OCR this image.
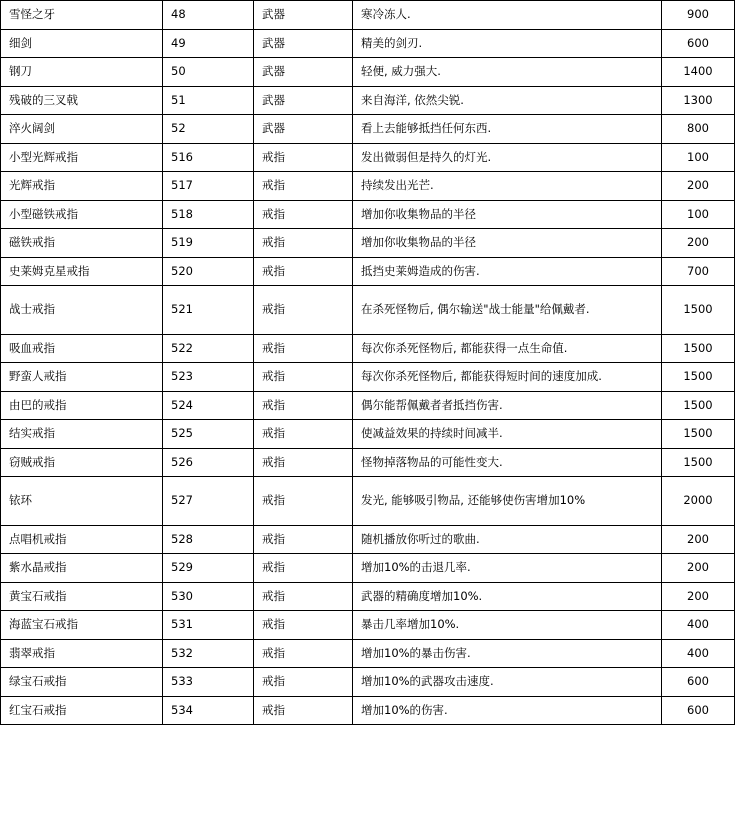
雪怪之牙	48	武器	寒冷冻人.	900
细剑	49	武器	精美的剑刃.	600
钢刀	50	武器	轻便, 威力强大.	1400
残破的三叉戟	51	武器	来自海洋, 依然尖锐.	1300
淬火阔剑	52	武器	看上去能够抵挡任何东西.	800
小型光辉戒指	516	戒指	发出微弱但是持久的灯光.	100
光辉戒指	517	戒指	持续发出光芒.	200
小型磁铁戒指	518	戒指	增加你收集物品的半径	100
磁铁戒指	519	戒指	增加你收集物品的半径	200
史莱姆克星戒指	520	戒指	抵挡史莱姆造成的伤害.	700
战士戒指	521	戒指	在杀死怪物后, 偶尔输送"战士能量"给佩戴者.	1500
吸血戒指	522	戒指	每次你杀死怪物后, 都能获得一点生命值.	1500
野蛮人戒指	523	戒指	每次你杀死怪物后, 都能获得短时间的速度加成.	1500
由巴的戒指	524	戒指	偶尔能帮佩戴者者抵挡伤害.	1500
结实戒指	525	戒指	使减益效果的持续时间减半.	1500
窃贼戒指	526	戒指	怪物掉落物品的可能性变大.	1500
铱环	527	戒指	发光, 能够吸引物品, 还能够使伤害增加10%	2000
点唱机戒指	528	戒指	随机播放你听过的歌曲.	200
紫水晶戒指	529	戒指	增加10%的击退几率.	200
黄宝石戒指	530	戒指	武器的精确度增加10%.	200
海蓝宝石戒指	531	戒指	暴击几率增加10%.	400
翡翠戒指	532	戒指	增加10%的暴击伤害.	400
绿宝石戒指	533	戒指	增加10%的武器攻击速度.	600
红宝石戒指	534	戒指	增加10%的伤害.	600
